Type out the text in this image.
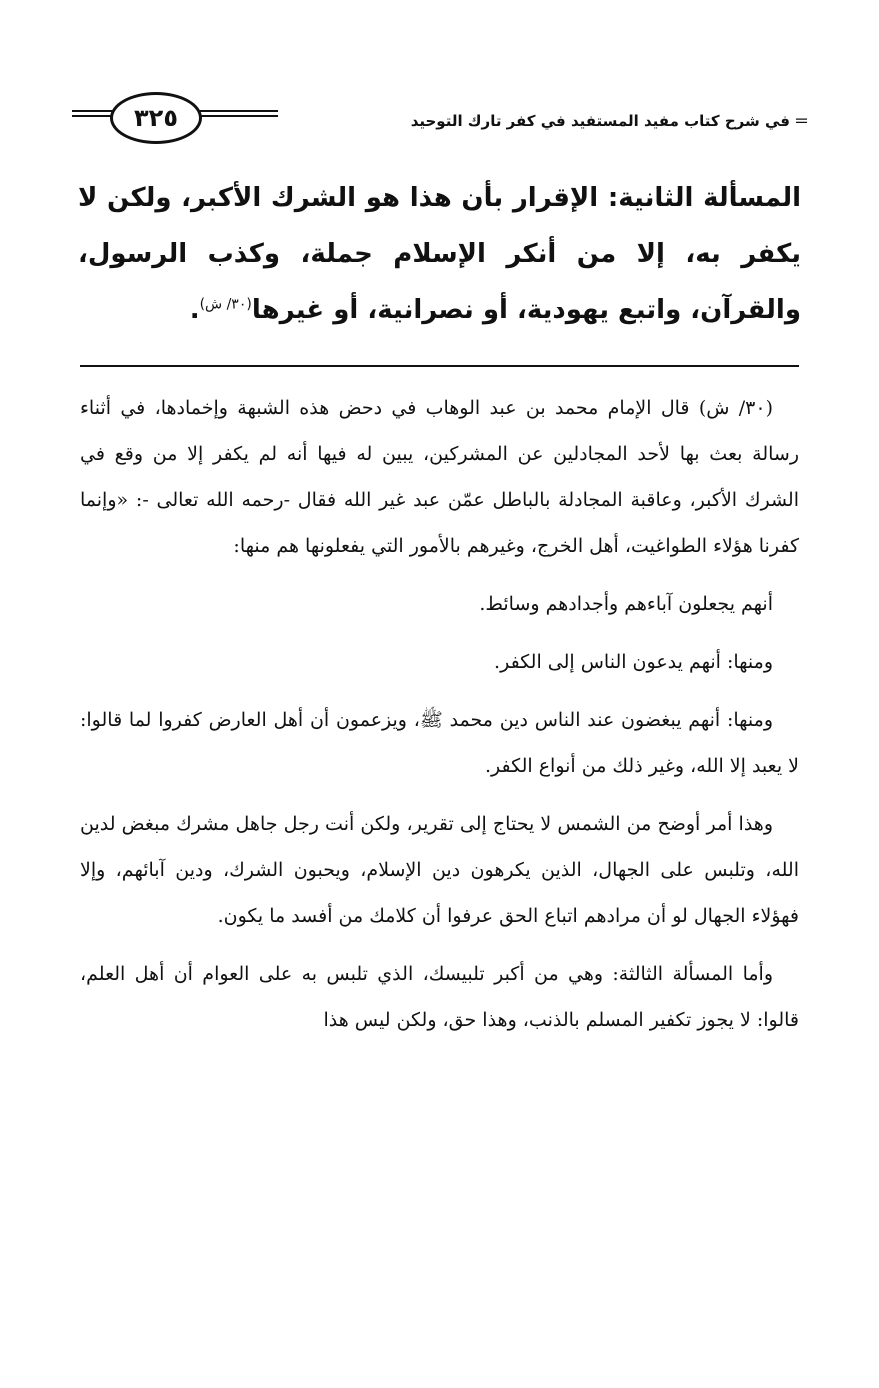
＝في شرح كتاب مفيد المستفيد في كفر تارك التوحيد
٣٢٥
المسألة الثانية: الإقرار بأن هذا هو الشرك الأكبر، ولكن لا يكفر به، إلا من أنكر الإسلام جملة، وكذب الرسول، والقرآن، واتبع يهودية، أو نصرانية، أو غيرها$^{(٣٠/ ش)}$.

(٣٠/ ش) قال الإمام محمد بن عبد الوهاب في دحض هذه الشبهة وإخمادها، في أثناء رسالة بعث بها لأحد المجادلين عن المشركين، يبين له فيها أنه لم يكفر إلا من وقع في الشرك الأكبر، وعاقبة المجادلة بالباطل عمّن عبد غير الله فقال -رحمه الله تعالى -: «وإنما كفرنا هؤلاء الطواغيت، أهل الخرج، وغيرهم بالأمور التي يفعلونها هم منها:

أنهم يجعلون آباءهم وأجدادهم وسائط.

ومنها: أنهم يدعون الناس إلى الكفر.

ومنها: أنهم يبغضون عند الناس دين محمد ﷺ، ويزعمون أن أهل العارض كفروا لما قالوا: لا يعبد إلا الله، وغير ذلك من أنواع الكفر.

وهذا أمر أوضح من الشمس لا يحتاج إلى تقرير، ولكن أنت رجل جاهل مشرك مبغض لدين الله، وتلبس على الجهال، الذين يكرهون دين الإسلام، ويحبون الشرك، ودين آبائهم، وإلا فهؤلاء الجهال لو أن مرادهم اتباع الحق عرفوا أن كلامك من أفسد ما يكون.

وأما المسألة الثالثة: وهي من أكبر تلبيسك، الذي تلبس به على العوام أن أهل العلم، قالوا: لا يجوز تكفير المسلم بالذنب، وهذا حق، ولكن ليس هذا
